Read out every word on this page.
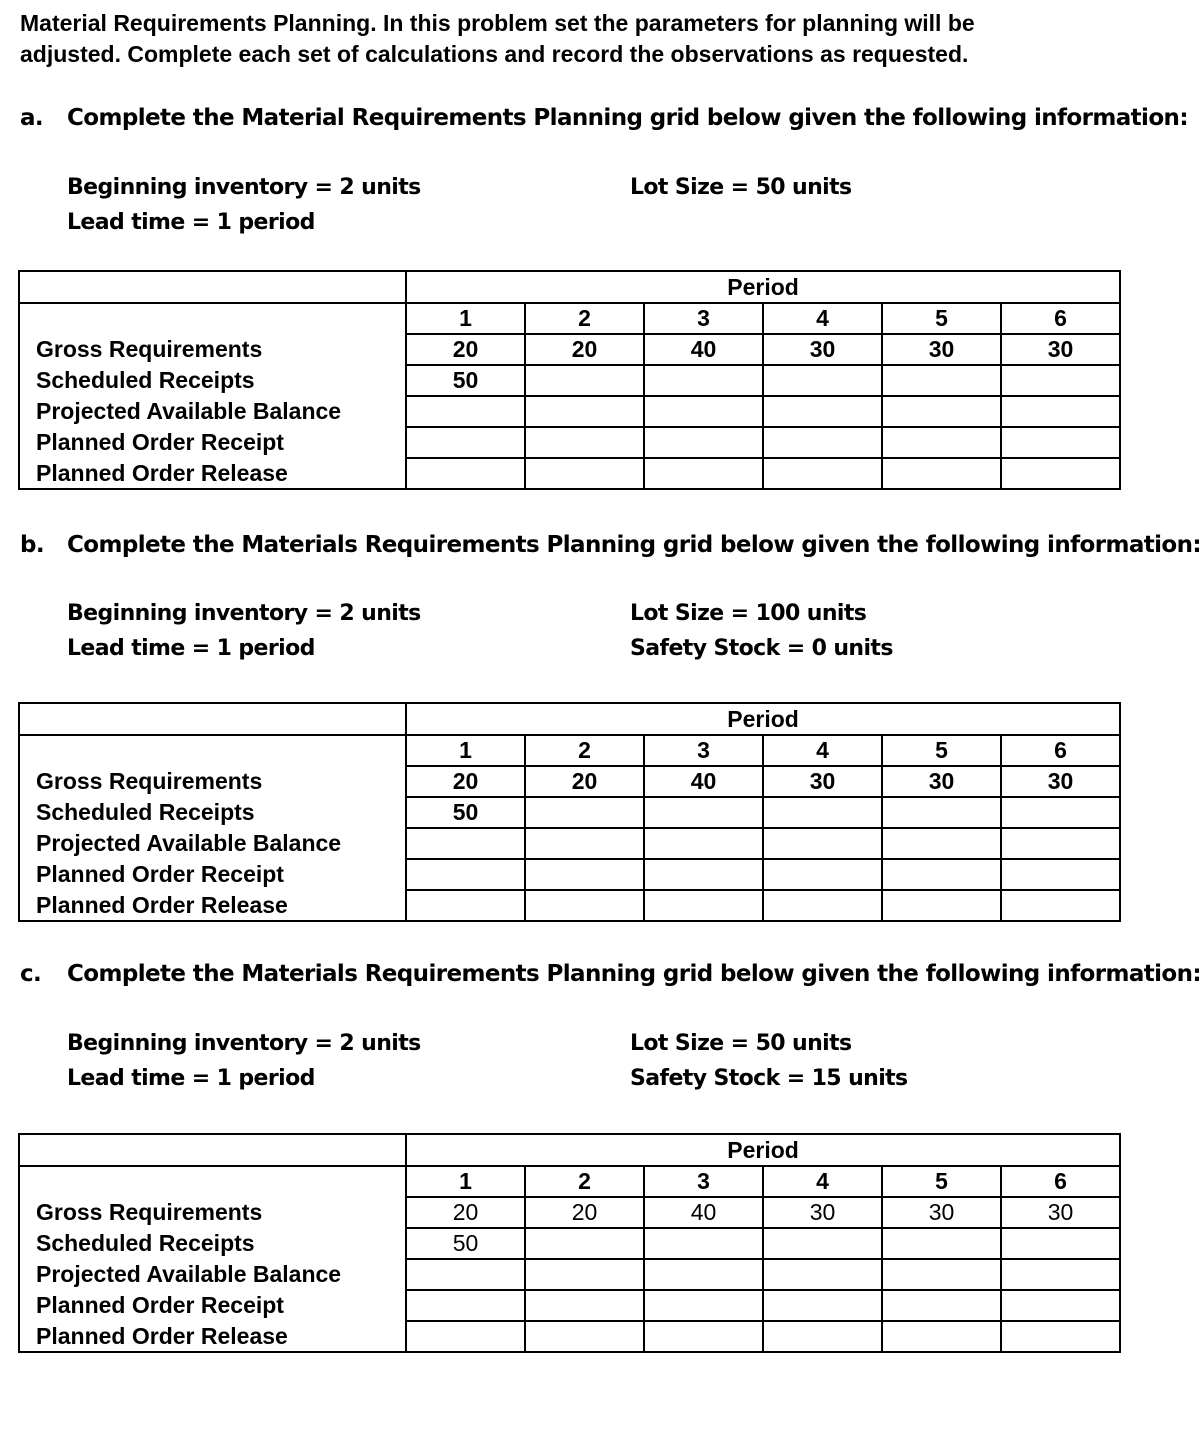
Material Requirements Planning. In this problem set the parameters for planning will be
adjusted. Complete each set of calculations and record the observations as requested.
a. Complete the Material Requirements Planning grid below given the following information:
Beginning inventory = 2 units
Lead time = 1 period
Lot Size = 50 units
	Period					
	1	2	3	4	5	6
Gross Requirements	20	20	40	30	30	30
Scheduled Receipts	50					
Projected Available Balance						
Planned Order Receipt						
Planned Order Release						
b. Complete the Materials Requirements Planning grid below given the following information:
Beginning inventory = 2 units
Lead time = 1 period
Lot Size = 100 units
Safety Stock = 0 units
	Period					
	1	2	3	4	5	6
Gross Requirements	20	20	40	30	30	30
Scheduled Receipts	50					
Projected Available Balance						
Planned Order Receipt						
Planned Order Release						
c. Complete the Materials Requirements Planning grid below given the following information:
Beginning inventory = 2 units
Lead time = 1 period
Lot Size = 50 units
Safety Stock = 15 units
	Period					
	1	2	3	4	5	6
Gross Requirements	20	20	40	30	30	30
Scheduled Receipts	50					
Projected Available Balance						
Planned Order Receipt						
Planned Order Release						
